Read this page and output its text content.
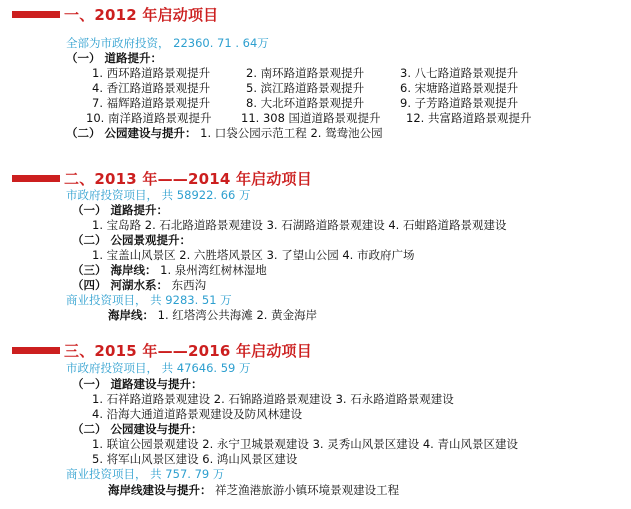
一、2012 年启动项目
全部为市政府投资， 22360. 71 . 64万
（一） 道路提升：
1. 西环路道路景观提升	2. 南环路道路景观提升	3. 八七路道路景观提升
4. 香江路道路景观提升	5. 滨江路道路景观提升	6. 宋塘路道路景观提升
7. 福辉路道路景观提升	8. 大北环道路景观提升	9. 子芳路道路景观提升
10. 南洋路道路景观提升	11. 308 国道道路景观提升 12. 共富路道路景观提升
（二） 公园建设与提升： 1. 口袋公园示范工程 2. 鸳鸯池公园
二、2013 年——2014 年启动项目
市政府投资项目， 共 58922. 66 万
（一） 道路提升：
1. 宝岛路 2. 石北路道路景观建设 3. 石湖路道路景观建设 4. 石蚶路道路景观建设
（二） 公园景观提升：
1. 宝盖山风景区 2. 六胜塔风景区 3. 了望山公园 4. 市政府广场
（三） 海岸线： 1. 泉州湾红树林湿地
（四） 河湖水系： 东西沟
商业投资项目， 共 9283. 51 万
海岸线： 1. 红塔湾公共海滩 2. 黄金海岸
三、2015 年——2016 年启动项目
市政府投资项目， 共 47646. 59 万
（一） 道路建设与提升：
1. 石祥路道路景观建设 2. 石锦路道路景观建设 3. 石永路道路景观建设
4. 沿海大通道道路景观建设及防风林建设
（二） 公园建设与提升：
1. 联谊公园景观建设 2. 永宁卫城景观建设 3. 灵秀山风景区建设 4. 青山风景区建设
5. 将军山风景区建设 6. 鸿山风景区建设
商业投资项目， 共 757. 79 万
海岸线建设与提升： 祥芝渔港旅游小镇环境景观建设工程
